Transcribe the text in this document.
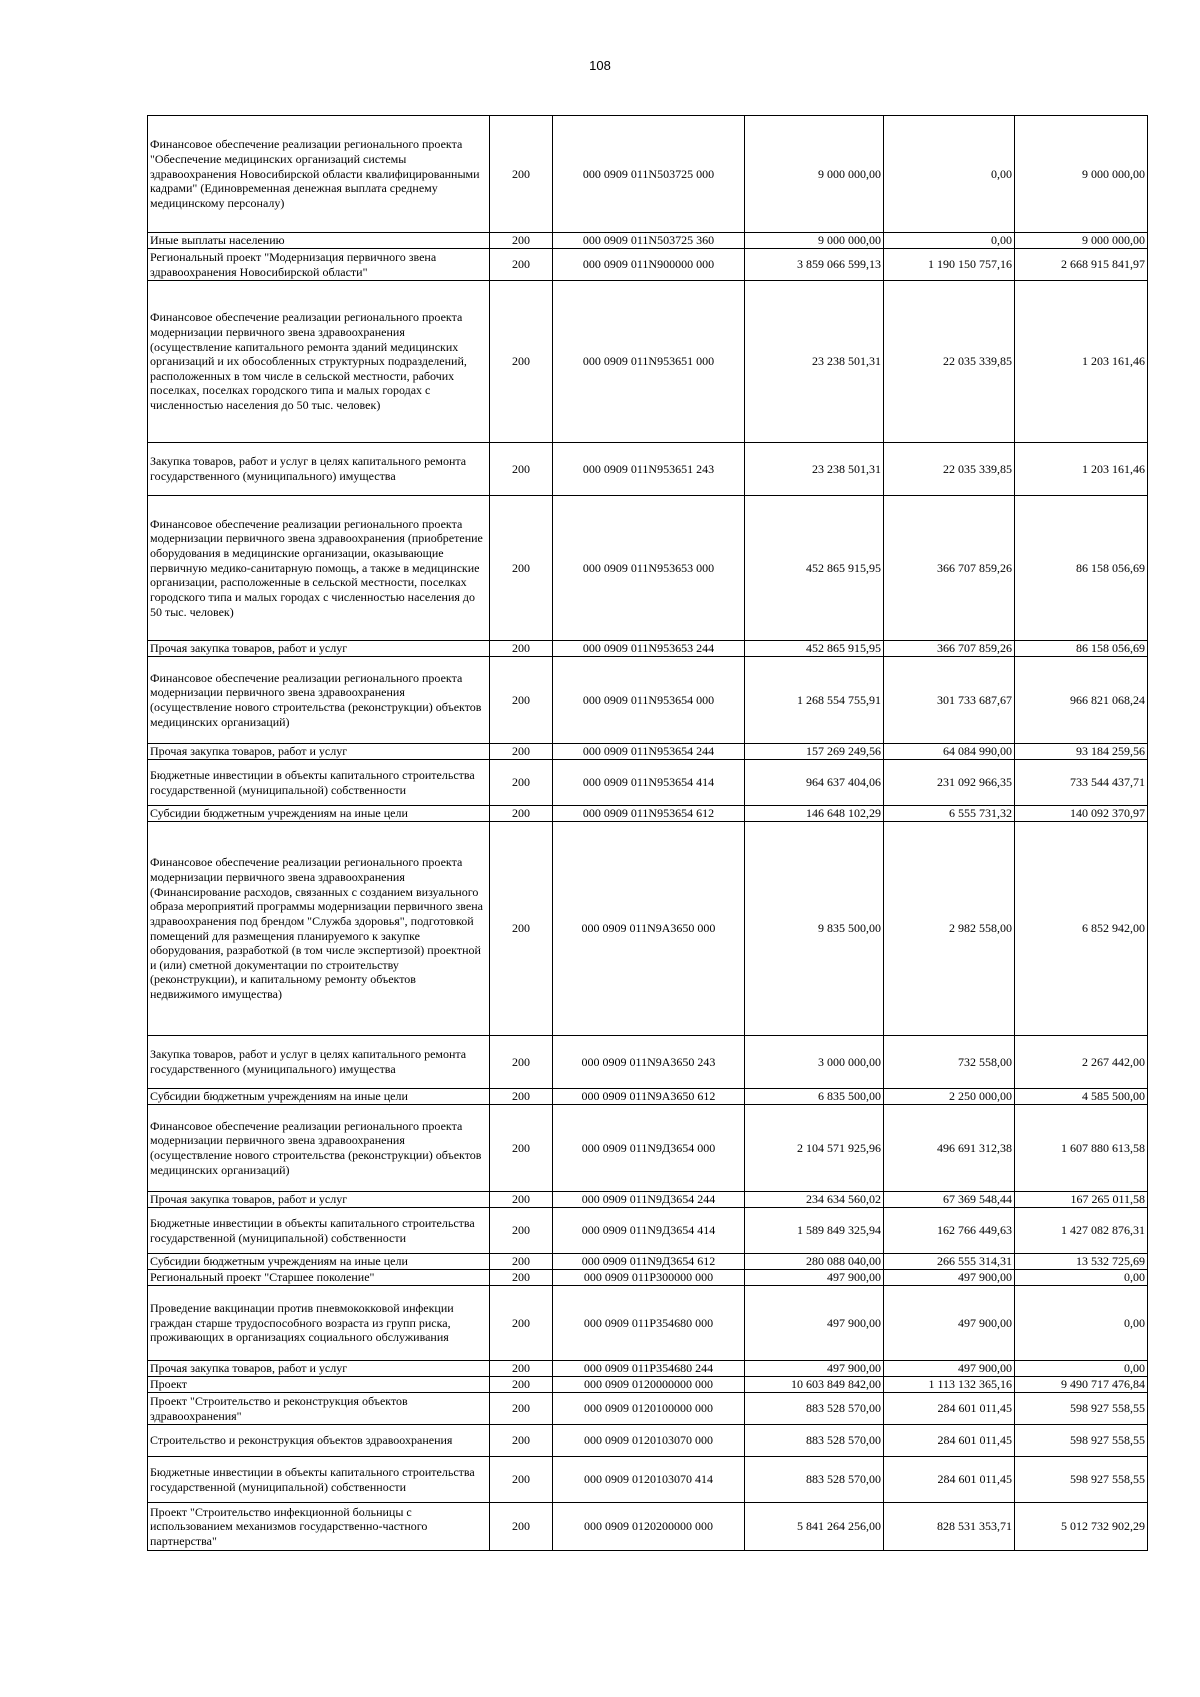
108
Финансовое обеспечение реализации регионального проекта "Обеспечение медицинских организаций системы здравоохранения Новосибирской области квалифицированными кадрами" (Единовременная денежная выплата среднему медицинскому персоналу)	200	000 0909 011N503725 000	9 000 000,00	0,00	9 000 000,00
Иные выплаты населению	200	000 0909 011N503725 360	9 000 000,00	0,00	9 000 000,00
Региональный проект "Модернизация первичного звена здравоохранения Новосибирской области"	200	000 0909 011N900000 000	3 859 066 599,13	1 190 150 757,16	2 668 915 841,97
Финансовое обеспечение реализации регионального проекта модернизации первичного звена здравоохранения (осуществление капитального ремонта зданий медицинских организаций и их обособленных структурных подразделений, расположенных в том числе в сельской местности, рабочих поселках, поселках городского типа и малых городах с численностью населения до 50 тыс. человек)	200	000 0909 011N953651 000	23 238 501,31	22 035 339,85	1 203 161,46
Закупка товаров, работ и услуг в целях капитального ремонта государственного (муниципального) имущества	200	000 0909 011N953651 243	23 238 501,31	22 035 339,85	1 203 161,46
Финансовое обеспечение реализации регионального проекта модернизации первичного звена здравоохранения (приобретение оборудования в медицинские организации, оказывающие первичную медико-санитарную помощь, а также в медицинские организации, расположенные в сельской местности, поселках городского типа и малых городах с численностью населения до 50 тыс. человек)	200	000 0909 011N953653 000	452 865 915,95	366 707 859,26	86 158 056,69
Прочая закупка товаров, работ и услуг	200	000 0909 011N953653 244	452 865 915,95	366 707 859,26	86 158 056,69
Финансовое обеспечение реализации регионального проекта модернизации первичного звена здравоохранения (осуществление нового строительства (реконструкции) объектов медицинских организаций)	200	000 0909 011N953654 000	1 268 554 755,91	301 733 687,67	966 821 068,24
Прочая закупка товаров, работ и услуг	200	000 0909 011N953654 244	157 269 249,56	64 084 990,00	93 184 259,56
Бюджетные инвестиции в объекты капитального строительства государственной (муниципальной) собственности	200	000 0909 011N953654 414	964 637 404,06	231 092 966,35	733 544 437,71
Субсидии бюджетным учреждениям на иные цели	200	000 0909 011N953654 612	146 648 102,29	6 555 731,32	140 092 370,97
Финансовое обеспечение реализации регионального проекта модернизации первичного звена здравоохранения (Финансирование расходов, связанных с созданием визуального образа мероприятий программы модернизации первичного звена здравоохранения под брендом "Служба здоровья", подготовкой помещений для размещения планируемого к закупке оборудования, разработкой (в том числе экспертизой) проектной и (или) сметной документации по строительству (реконструкции), и капитальному ремонту объектов недвижимого имущества)	200	000 0909 011N9А3650 000	9 835 500,00	2 982 558,00	6 852 942,00
Закупка товаров, работ и услуг в целях капитального ремонта государственного (муниципального) имущества	200	000 0909 011N9А3650 243	3 000 000,00	732 558,00	2 267 442,00
Субсидии бюджетным учреждениям на иные цели	200	000 0909 011N9А3650 612	6 835 500,00	2 250 000,00	4 585 500,00
Финансовое обеспечение реализации регионального проекта модернизации первичного звена здравоохранения (осуществление нового строительства (реконструкции) объектов медицинских организаций)	200	000 0909 011N9Д3654 000	2 104 571 925,96	496 691 312,38	1 607 880 613,58
Прочая закупка товаров, работ и услуг	200	000 0909 011N9Д3654 244	234 634 560,02	67 369 548,44	167 265 011,58
Бюджетные инвестиции в объекты капитального строительства государственной (муниципальной) собственности	200	000 0909 011N9Д3654 414	1 589 849 325,94	162 766 449,63	1 427 082 876,31
Субсидии бюджетным учреждениям на иные цели	200	000 0909 011N9Д3654 612	280 088 040,00	266 555 314,31	13 532 725,69
Региональный проект "Старшее поколение"	200	000 0909 011P300000 000	497 900,00	497 900,00	0,00
Проведение вакцинации против пневмококковой инфекции граждан старше трудоспособного возраста из групп риска, проживающих в организациях социального обслуживания	200	000 0909 011P354680 000	497 900,00	497 900,00	0,00
Прочая закупка товаров, работ и услуг	200	000 0909 011P354680 244	497 900,00	497 900,00	0,00
Проект	200	000 0909 0120000000 000	10 603 849 842,00	1 113 132 365,16	9 490 717 476,84
Проект "Строительство и реконструкция объектов здравоохранения"	200	000 0909 0120100000 000	883 528 570,00	284 601 011,45	598 927 558,55
Строительство и реконструкция объектов здравоохранения	200	000 0909 0120103070 000	883 528 570,00	284 601 011,45	598 927 558,55
Бюджетные инвестиции в объекты капитального строительства государственной (муниципальной) собственности	200	000 0909 0120103070 414	883 528 570,00	284 601 011,45	598 927 558,55
Проект "Строительство инфекционной больницы с использованием механизмов государственно-частного партнерства"	200	000 0909 0120200000 000	5 841 264 256,00	828 531 353,71	5 012 732 902,29
